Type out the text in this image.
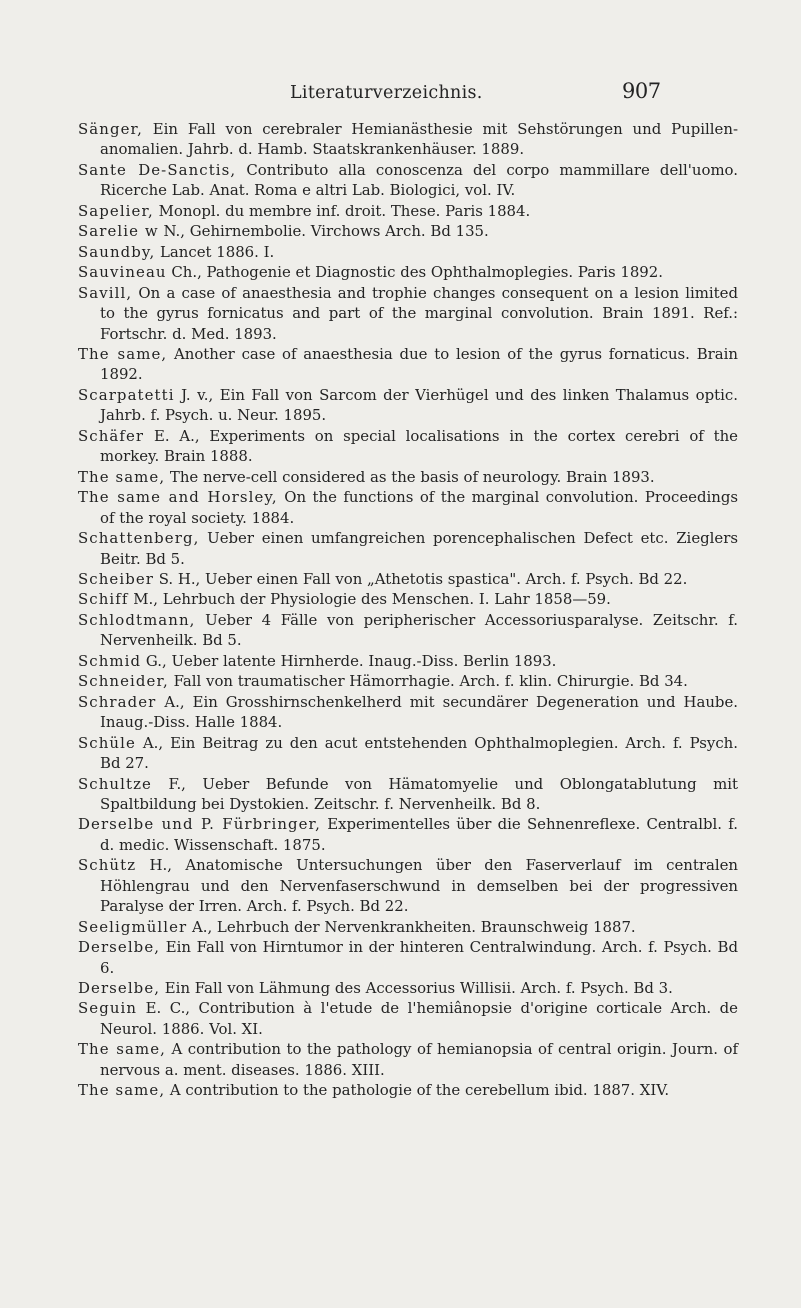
Literaturverzeichnis.	907
Sänger, Ein Fall von cerebraler Hemianästhesie mit Sehstörungen und Pupillen-anomalien. Jahrb. d. Hamb. Staatskrankenhäuser. 1889.
Sante De-Sanctis, Contributo alla conoscenza del corpo mammillare dell'uomo. Ricerche Lab. Anat. Roma e altri Lab. Biologici, vol. IV.
Sapelier, Monopl. du membre inf. droit. These. Paris 1884.
Sarelie w N., Gehirnembolie. Virchows Arch. Bd 135.
Saundby, Lancet 1886. I.
Sauvineau Ch., Pathogenie et Diagnostic des Ophthalmoplegies. Paris 1892.
Savill, On a case of anaesthesia and trophie changes consequent on a lesion limited to the gyrus fornicatus and part of the marginal convolution. Brain 1891. Ref.: Fortschr. d. Med. 1893.
The same, Another case of anaesthesia due to lesion of the gyrus fornaticus. Brain 1892.
Scarpatetti J. v., Ein Fall von Sarcom der Vierhügel und des linken Thalamus optic. Jahrb. f. Psych. u. Neur. 1895.
Schäfer E. A., Experiments on special localisations in the cortex cerebri of the morkey. Brain 1888.
The same, The nerve-cell considered as the basis of neurology. Brain 1893.
The same and Horsley, On the functions of the marginal convolution. Proceedings of the royal society. 1884.
Schattenberg, Ueber einen umfangreichen porencephalischen Defect etc. Zieglers Beitr. Bd 5.
Scheiber S. H., Ueber einen Fall von „Athetotis spastica". Arch. f. Psych. Bd 22.
Schiff M., Lehrbuch der Physiologie des Menschen. I. Lahr 1858—59.
Schlodtmann, Ueber 4 Fälle von peripherischer Accessoriusparalyse. Zeitschr. f. Nervenheilk. Bd 5.
Schmid G., Ueber latente Hirnherde. Inaug.-Diss. Berlin 1893.
Schneider, Fall von traumatischer Hämorrhagie. Arch. f. klin. Chirurgie. Bd 34.
Schrader A., Ein Grosshirnschenkelherd mit secundärer Degeneration und Haube. Inaug.-Diss. Halle 1884.
Schüle A., Ein Beitrag zu den acut entstehenden Ophthalmoplegien. Arch. f. Psych. Bd 27.
Schultze F., Ueber Befunde von Hämatomyelie und Oblongatablutung mit Spaltbildung bei Dystokien. Zeitschr. f. Nervenheilk. Bd 8.
Derselbe und P. Fürbringer, Experimentelles über die Sehnenreflexe. Centralbl. f. d. medic. Wissenschaft. 1875.
Schütz H., Anatomische Untersuchungen über den Faserverlauf im centralen Höhlengrau und den Nervenfaserschwund in demselben bei der progressiven Paralyse der Irren. Arch. f. Psych. Bd 22.
Seeligmüller A., Lehrbuch der Nervenkrankheiten. Braunschweig 1887.
Derselbe, Ein Fall von Hirntumor in der hinteren Centralwindung. Arch. f. Psych. Bd 6.
Derselbe, Ein Fall von Lähmung des Accessorius Willisii. Arch. f. Psych. Bd 3.
Seguin E. C., Contribution à l'etude de l'hemiânopsie d'origine corticale Arch. de Neurol. 1886. Vol. XI.
The same, A contribution to the pathology of hemianopsia of central origin. Journ. of nervous a. ment. diseases. 1886. XIII.
The same, A contribution to the pathologie of the cerebellum ibid. 1887. XIV.
